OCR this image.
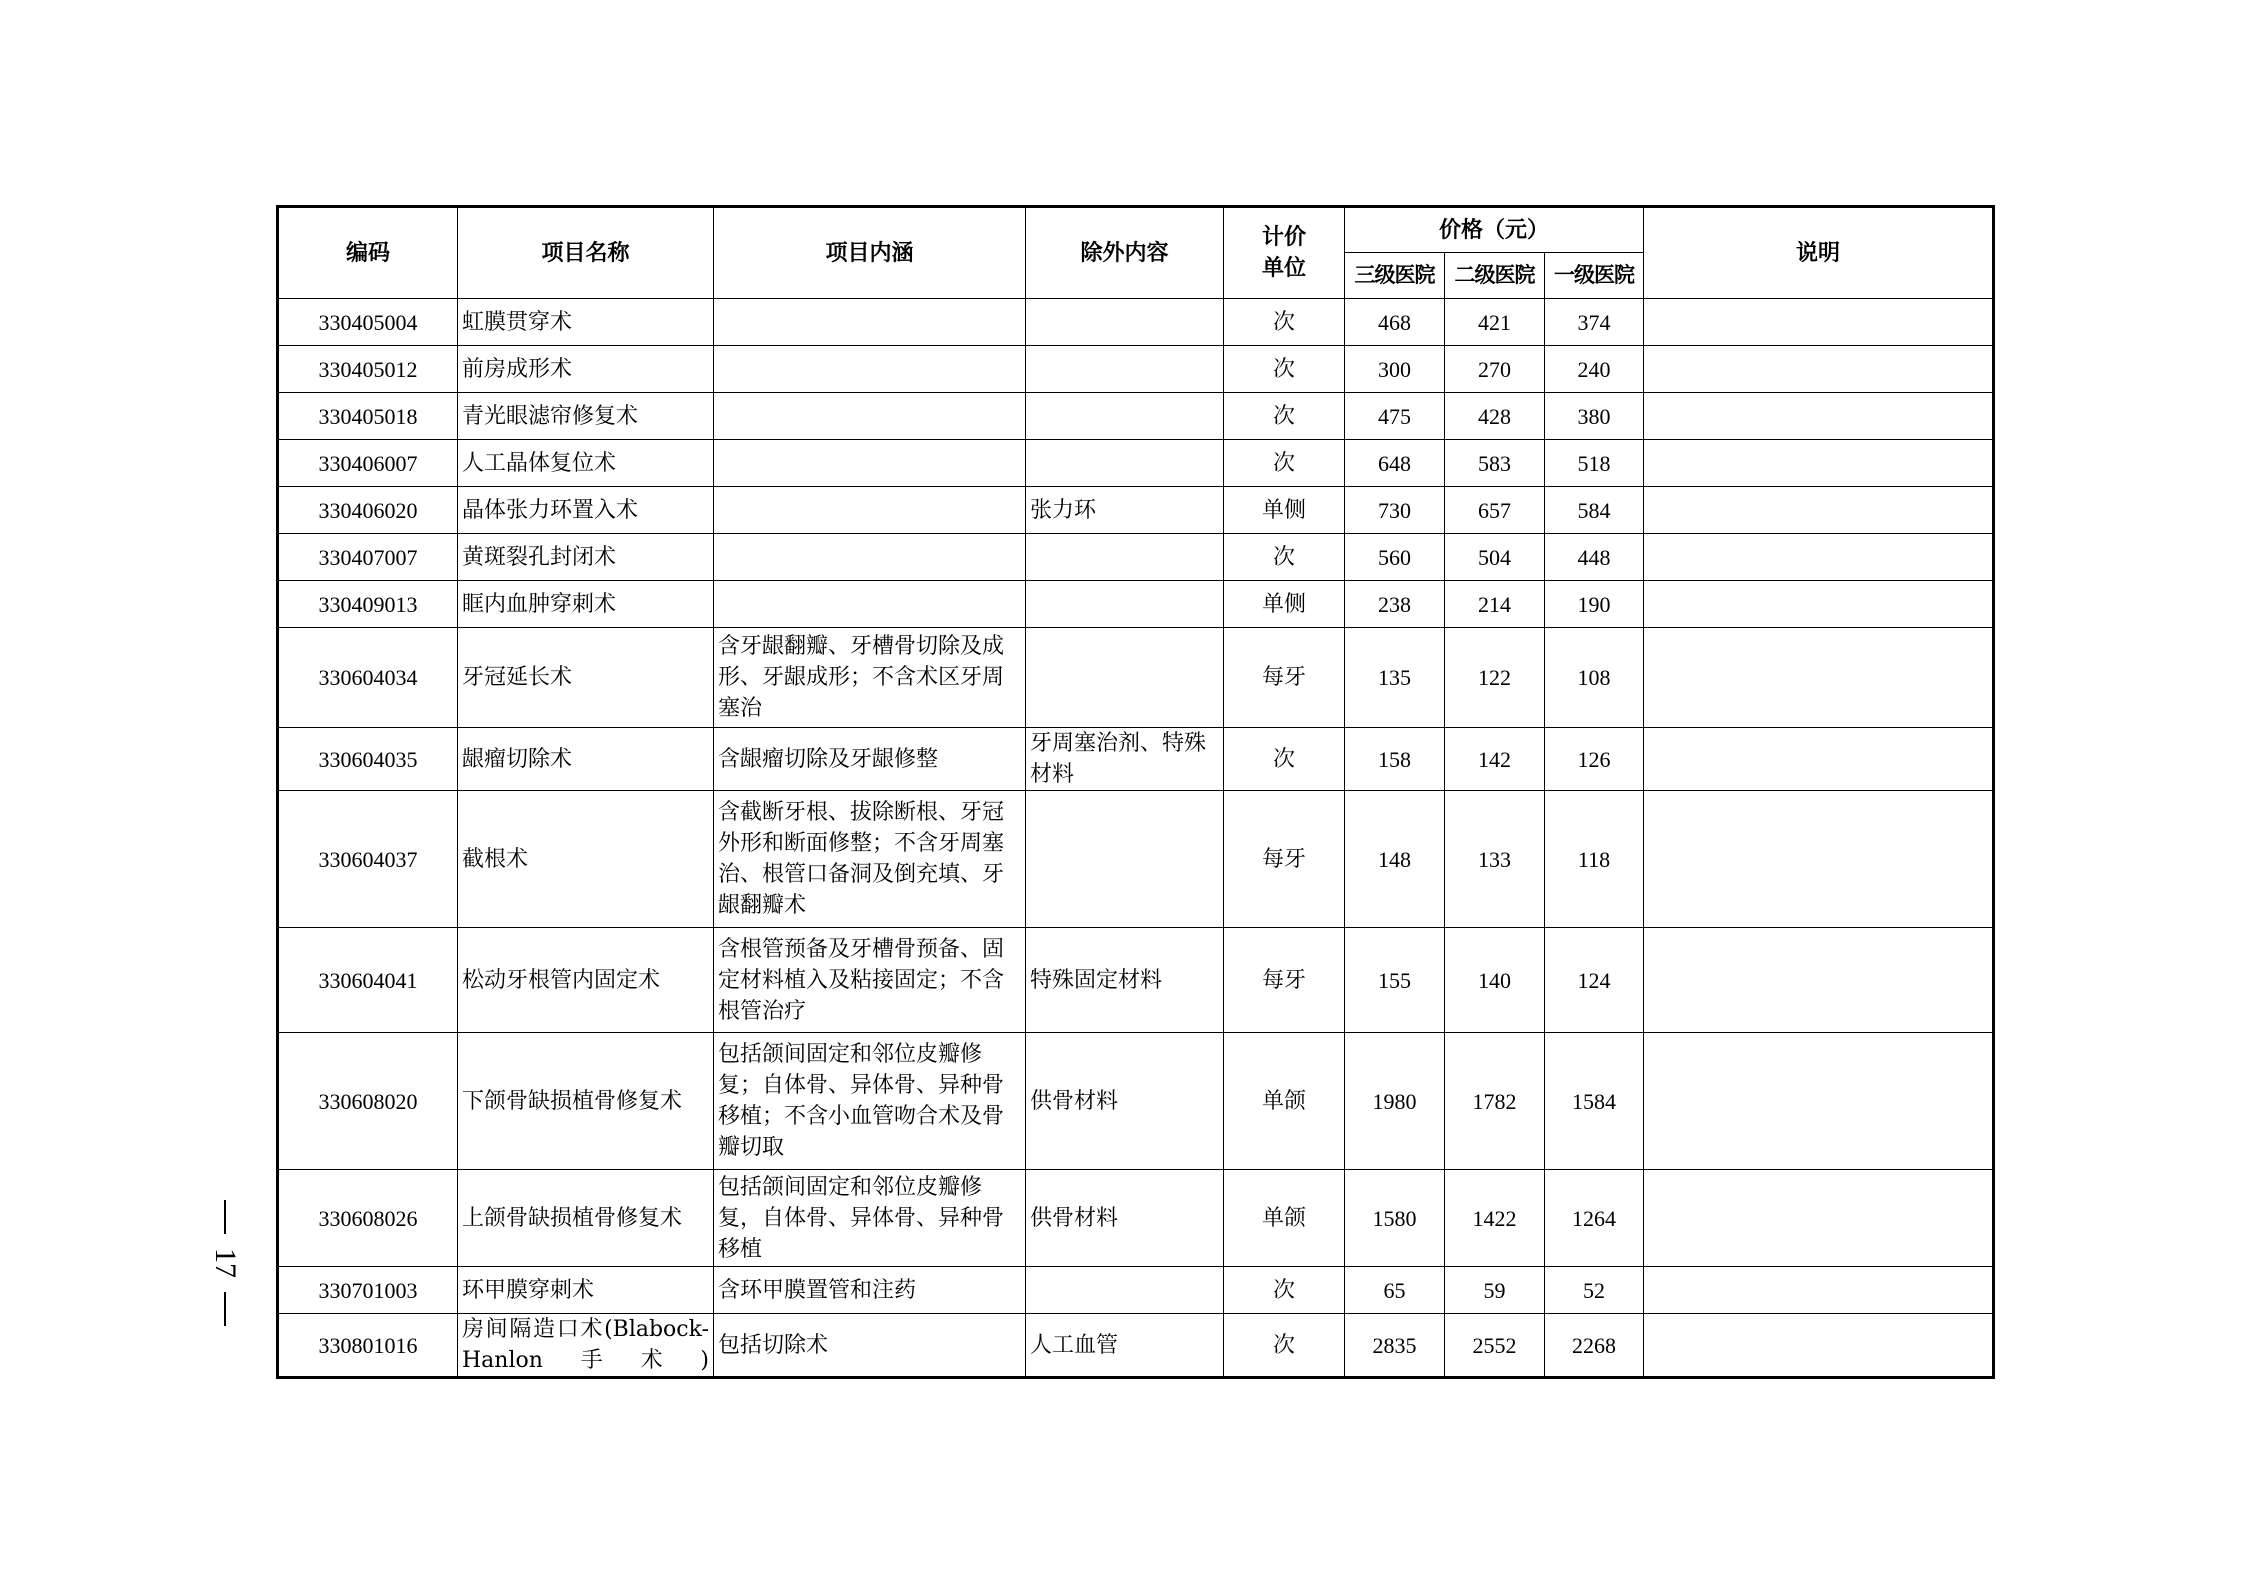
17
编码	项目名称	项目内涵	除外内容	计价单位	价格（元）			说明
					三级医院	二级医院	一级医院	
330405004	虹膜贯穿术			次	468	421	374	
330405012	前房成形术			次	300	270	240	
330405018	青光眼滤帘修复术			次	475	428	380	
330406007	人工晶体复位术			次	648	583	518	
330406020	晶体张力环置入术		张力环	单侧	730	657	584	
330407007	黄斑裂孔封闭术			次	560	504	448	
330409013	眶内血肿穿刺术			单侧	238	214	190	
330604034	牙冠延长术	含牙龈翻瓣、牙槽骨切除及成形、牙龈成形；不含术区牙周塞治		每牙	135	122	108	
330604035	龈瘤切除术	含龈瘤切除及牙龈修整	牙周塞治剂、特殊材料	次	158	142	126	
330604037	截根术	含截断牙根、拔除断根、牙冠外形和断面修整；不含牙周塞治、根管口备洞及倒充填、牙龈翻瓣术		每牙	148	133	118	
330604041	松动牙根管内固定术	含根管预备及牙槽骨预备、固定材料植入及粘接固定；不含根管治疗	特殊固定材料	每牙	155	140	124	
330608020	下颌骨缺损植骨修复术	包括颌间固定和邻位皮瓣修复；自体骨、异体骨、异种骨移植；不含小血管吻合术及骨瓣切取	供骨材料	单颌	1980	1782	1584	
330608026	上颌骨缺损植骨修复术	包括颌间固定和邻位皮瓣修复，自体骨、异体骨、异种骨移植	供骨材料	单颌	1580	1422	1264	
330701003	环甲膜穿刺术	含环甲膜置管和注药		次	65	59	52	
330801016	房间隔造口术(Blabock-Hanlon手术)	包括切除术	人工血管	次	2835	2552	2268	
